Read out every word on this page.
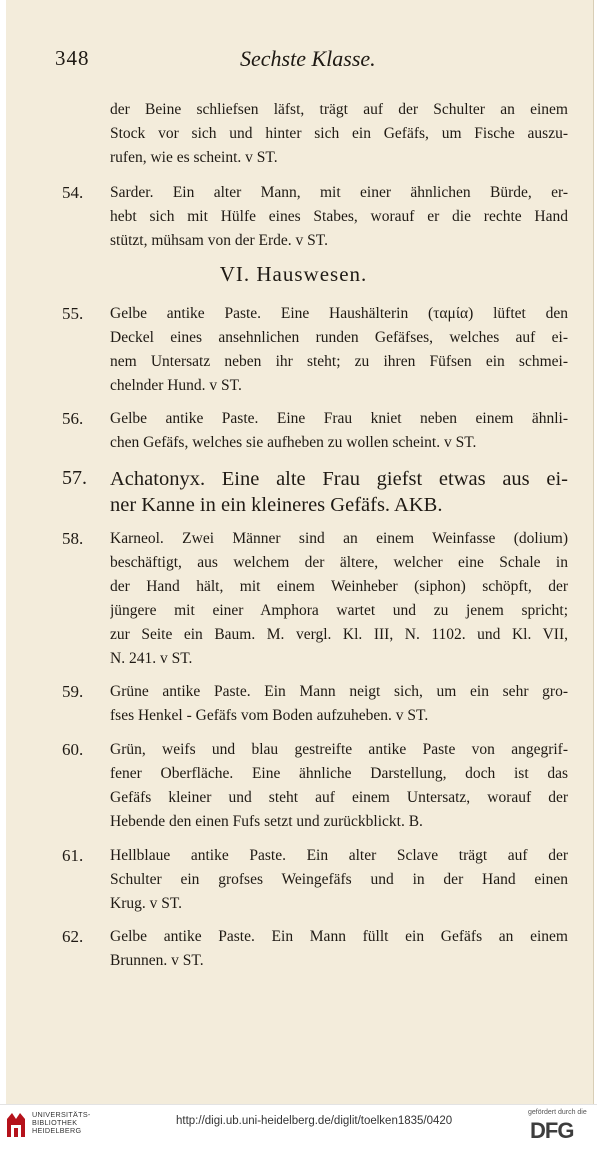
348	Sechste Klasse.
der Beine schliefsen läfst, trägt auf der Schulter an einem
Stock vor sich und hinter sich ein Gefäfs, um Fische auszu-
rufen, wie es scheint. v ST.
54. Sarder. Ein alter Mann, mit einer ähnlichen Bürde, er-
hebt sich mit Hülfe eines Stabes, worauf er die rechte Hand
stützt, mühsam von der Erde. v ST.
55. Gelbe antike Paste. Eine Haushälterin (ταμία) lüftet den
Deckel eines ansehnlichen runden Gefäfses, welches auf ei-
nem Untersatz neben ihr steht; zu ihren Füfsen ein schmei-
chelnder Hund. v ST.
56. Gelbe antike Paste. Eine Frau kniet neben einem ähnli-
chen Gefäfs, welches sie aufheben zu wollen scheint. v ST.
57. Achatonyx. Eine alte Frau giefst etwas aus ei-
ner Kanne in ein kleineres Gefäfs. AKB.
58. Karneol. Zwei Männer sind an einem Weinfasse (dolium)
beschäftigt, aus welchem der ältere, welcher eine Schale in
der Hand hält, mit einem Weinheber (siphon) schöpft, der
jüngere mit einer Amphora wartet und zu jenem spricht;
zur Seite ein Baum. M. vergl. Kl. III, N. 1102. und Kl. VII,
N. 241. v ST.
59. Grüne antike Paste. Ein Mann neigt sich, um ein sehr gro-
fses Henkel - Gefäfs vom Boden aufzuheben. v ST.
60. Grün, weifs und blau gestreifte antike Paste von angegrif-
fener Oberfläche. Eine ähnliche Darstellung, doch ist das
Gefäfs kleiner und steht auf einem Untersatz, worauf der
Hebende den einen Fufs setzt und zurückblickt. B.
61. Hellblaue antike Paste. Ein alter Sclave trägt auf der
Schulter ein grofses Weingefäfs und in der Hand einen
Krug. v ST.
62. Gelbe antike Paste. Ein Mann füllt ein Gefäfs an einem
Brunnen. v ST.
VI. Hauswesen.
UNIVERSITÄTS-
BIBLIOTHEK
HEIDELBERG
http://digi.ub.uni-heidelberg.de/diglit/toelken1835/0420
gefördert durch die
DFG
